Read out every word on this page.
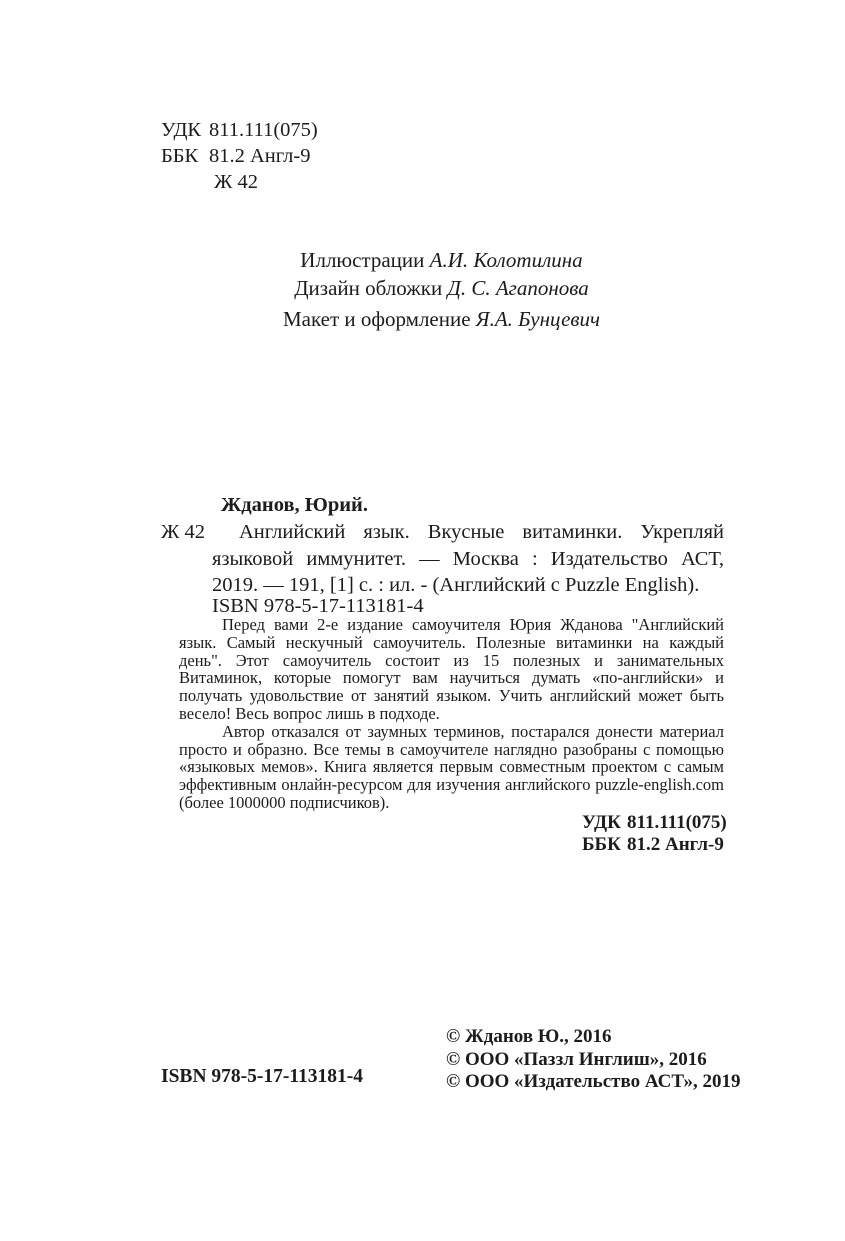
УДК 811.111(075)
ББК 81.2 Англ-9
Ж 42
Иллюстрации А.И. Колотилина
Дизайн обложки Д. С. Агапонова
Макет и оформление Я.А. Бунцевич
Жданов, Юрий.
Ж 42	Английский язык. Вкусные витаминки. Укрепляй языковой иммунитет. — Москва : Издательство АСТ, 2019. — 191, [1] с. : ил. - (Английский с Puzzle English).
ISBN 978-5-17-113181-4

Перед вами 2-е издание самоучителя Юрия Жданова "Английский язык. Самый нескучный самоучитель. Полезные витаминки на каждый день". Этот самоучитель состоит из 15 полезных и занимательных Витаминок, которые помогут вам научиться думать «по-английски» и получать удовольствие от занятий языком. Учить английский может быть весело! Весь вопрос лишь в подходе.

Автор отказался от заумных терминов, постарался донести материал просто и образно. Все темы в самоучителе наглядно разобраны с помощью «языковых мемов». Книга является первым совместным проектом с самым эффективным онлайн-ресурсом для изучения английского puzzle-english.com (более 1000000 подписчиков).

УДК 811.111(075)
ББК 81.2 Англ-9
ISBN 978-5-17-113181-4
© Жданов Ю., 2016
© ООО «Паззл Инглиш», 2016
© ООО «Издательство АСТ», 2019
